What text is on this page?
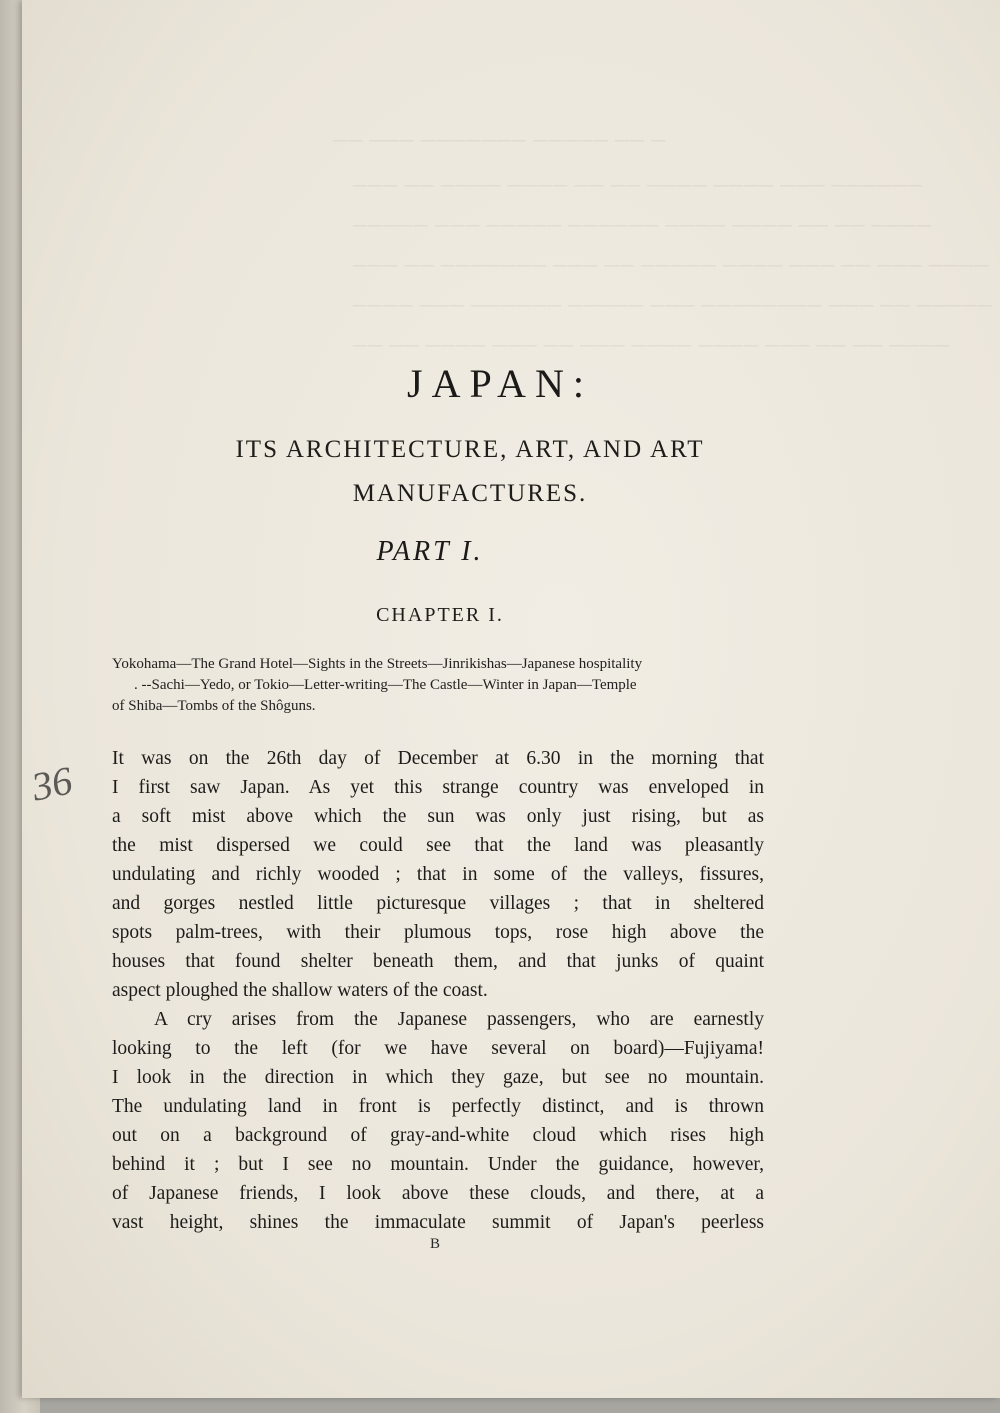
─ ── ───── ─────── ─── ──
────── ─── ──── ──── ── ── ──── ──── ── ───
──── ── ── ──── ──── ────── ───── ─── ─────
──── ─── ── ─── ──── ───── ── ─── ─────── ── ───
───── ── ─── ──────── ─── ───── ────── ─── ────
──── ── ── ─── ──── ──── ─── ── ─── ──── ── ──
36
JAPAN:
ITS ARCHITECTURE, ART, AND ART
MANUFACTURES.
PART I.
CHAPTER I.
Yokohama—The Grand Hotel—Sights in the Streets—Jinrikishas—Japanese hospitality
. --Sachi—Yedo, or Tokio—Letter-writing—The Castle—Winter in Japan—Temple
of Shiba—Tombs of the Shôguns.
It was on the 26th day of December at 6.30 in the morning that
I first saw Japan. As yet this strange country was enveloped in
a soft mist above which the sun was only just rising, but as
the mist dispersed we could see that the land was pleasantly
undulating and richly wooded ; that in some of the valleys, fissures,
and gorges nestled little picturesque villages ; that in sheltered
spots palm-trees, with their plumous tops, rose high above the
houses that found shelter beneath them, and that junks of quaint
aspect ploughed the shallow waters of the coast.
A cry arises from the Japanese passengers, who are earnestly
looking to the left (for we have several on board)—Fujiyama!
I look in the direction in which they gaze, but see no mountain.
The undulating land in front is perfectly distinct, and is thrown
out on a background of gray-and-white cloud which rises high
behind it ; but I see no mountain. Under the guidance, however,
of Japanese friends, I look above these clouds, and there, at a
vast height, shines the immaculate summit of Japan's peerless
B
